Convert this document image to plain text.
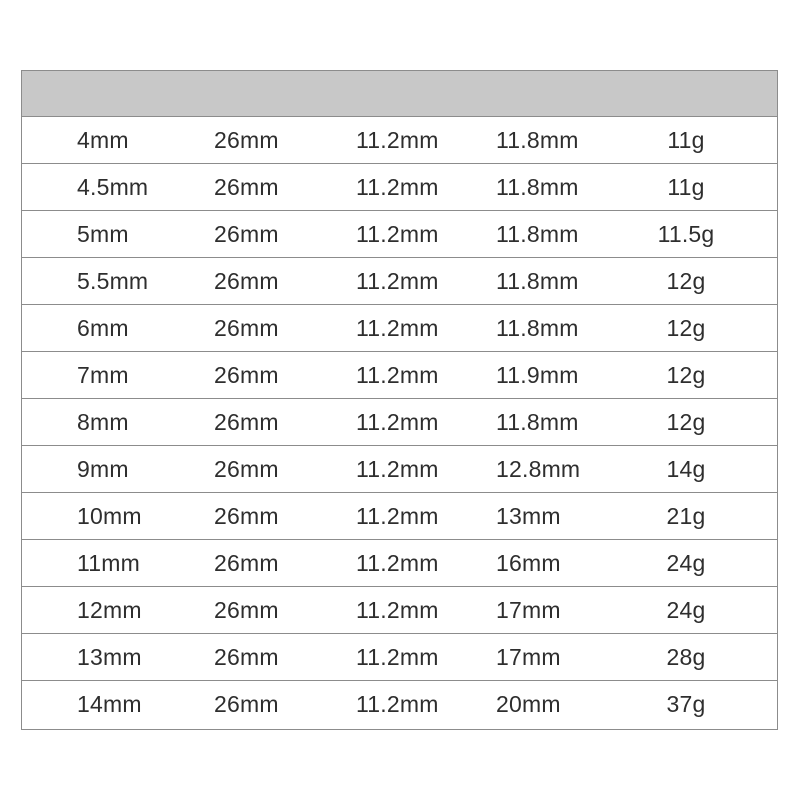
4mm	26mm	11.2mm 11.8mm	11g
4.5mm	26mm	11.2mm 11.8mm	11g
5mm	26mm	11.2mm 11.8mm	11.5g
5.5mm	26mm	11.2mm 11.8mm	12g
6mm	26mm	11.2mm 11.8mm	12g
7mm	26mm	11.2mm 11.9mm	12g
8mm	26mm	11.2mm 11.8mm	12g
9mm	26mm	11.2mm 12.8mm	14g
10mm	26mm	11.2mm 13mm	21g
11mm	26mm	11.2mm 16mm	24g
12mm	26mm	11.2mm 17mm	24g
13mm	26mm	11.2mm 17mm	28g
14mm	26mm	11.2mm 20mm	37g
